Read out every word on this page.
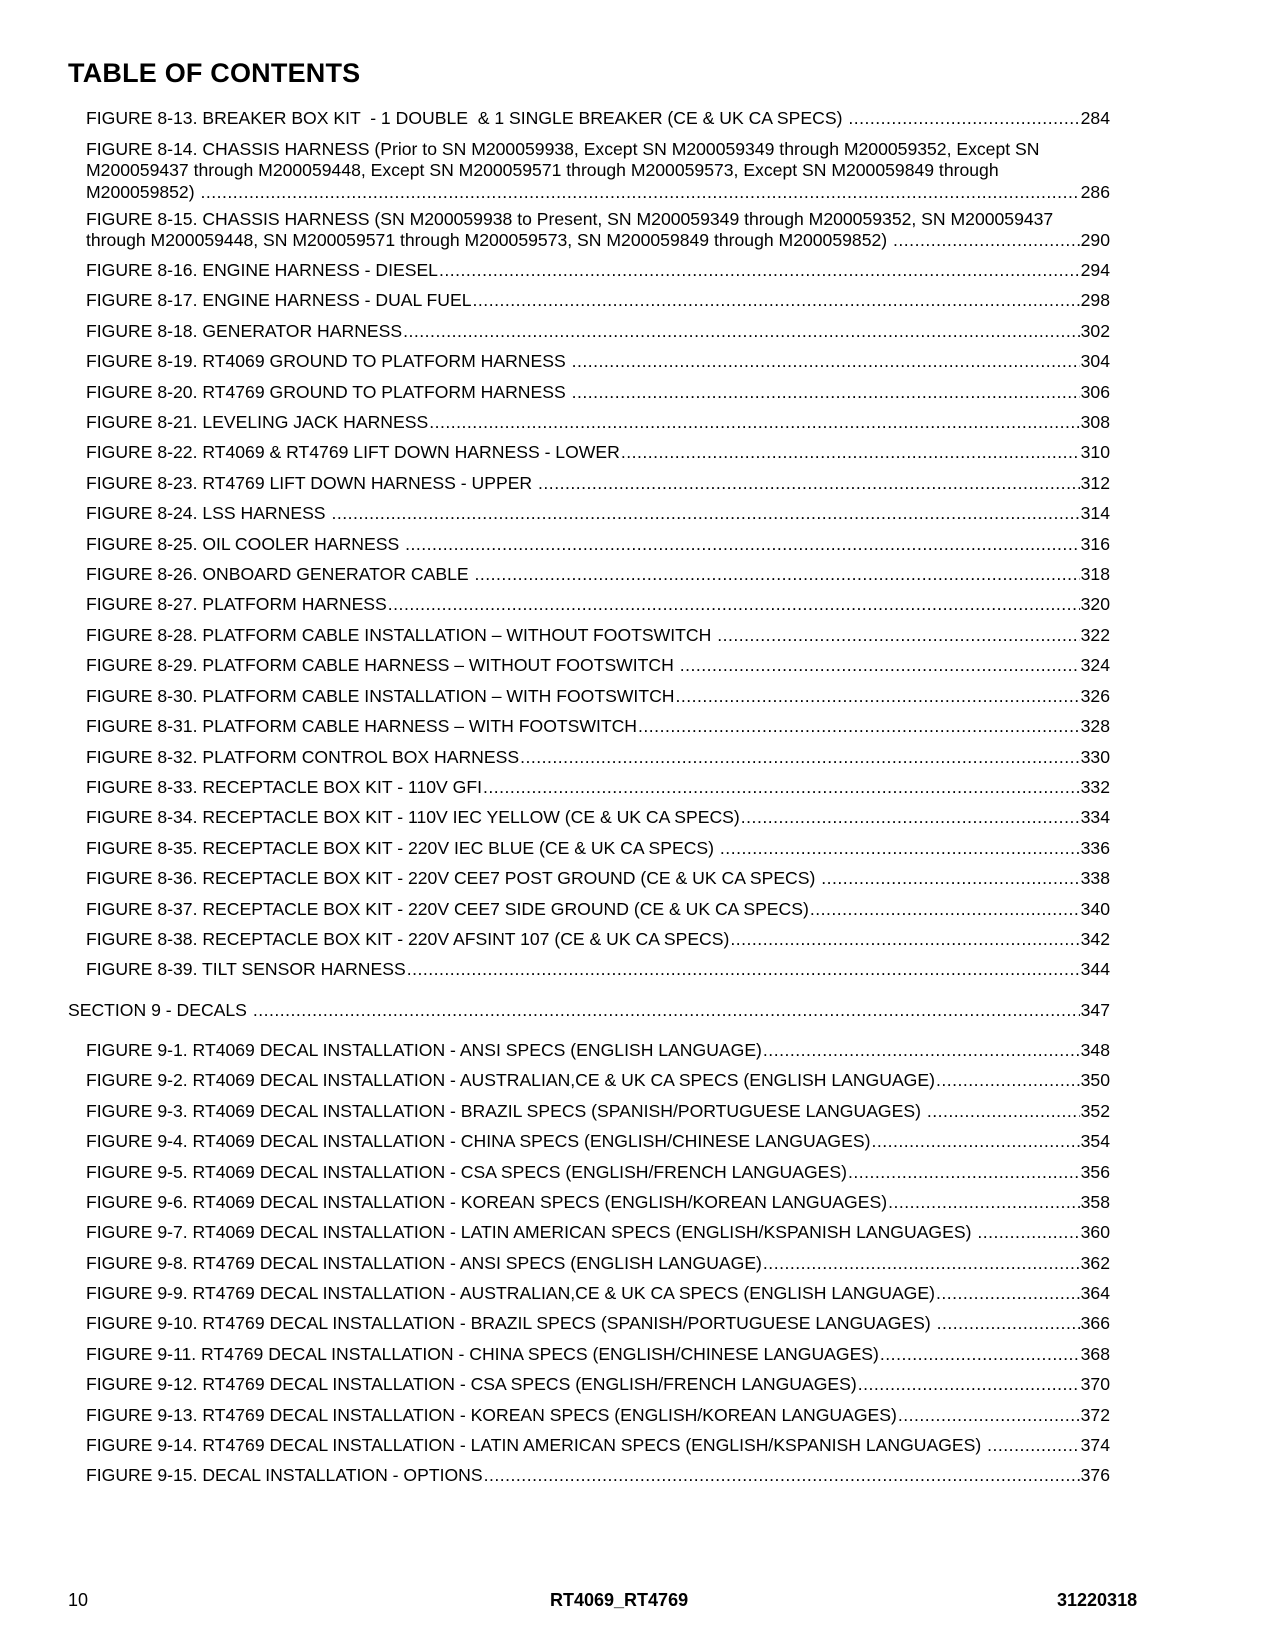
TABLE OF CONTENTS
FIGURE 8-13. BREAKER BOX KIT  - 1 DOUBLE  & 1 SINGLE BREAKER (CE & UK CA SPECS) .....	284
FIGURE 8-14. CHASSIS HARNESS (Prior to SN M200059938, Except SN M200059349 through M200059352, Except SN
M200059437 through M200059448, Except SN M200059571 through M200059573, Except SN M200059849 through
M200059852) .....	286
FIGURE 8-15. CHASSIS HARNESS (SN M200059938 to Present, SN M200059349 through M200059352, SN M200059437
through M200059448, SN M200059571 through M200059573, SN M200059849 through M200059852) .....	290
FIGURE 8-16. ENGINE HARNESS - DIESEL .....	294
FIGURE 8-17. ENGINE HARNESS - DUAL FUEL .....	298
FIGURE 8-18. GENERATOR HARNESS .....	302
FIGURE 8-19. RT4069 GROUND TO PLATFORM HARNESS .....	304
FIGURE 8-20. RT4769 GROUND TO PLATFORM HARNESS .....	306
FIGURE 8-21. LEVELING JACK HARNESS .....	308
FIGURE 8-22. RT4069 & RT4769 LIFT DOWN HARNESS - LOWER .....	310
FIGURE 8-23. RT4769 LIFT DOWN HARNESS - UPPER .....	312
FIGURE 8-24. LSS HARNESS .....	314
FIGURE 8-25. OIL COOLER HARNESS .....	316
FIGURE 8-26. ONBOARD GENERATOR CABLE .....	318
FIGURE 8-27. PLATFORM HARNESS .....	320
FIGURE 8-28. PLATFORM CABLE INSTALLATION – WITHOUT FOOTSWITCH .....	322
FIGURE 8-29. PLATFORM CABLE HARNESS – WITHOUT FOOTSWITCH .....	324
FIGURE 8-30. PLATFORM CABLE INSTALLATION – WITH FOOTSWITCH .....	326
FIGURE 8-31. PLATFORM CABLE HARNESS – WITH FOOTSWITCH .....	328
FIGURE 8-32. PLATFORM CONTROL BOX HARNESS .....	330
FIGURE 8-33. RECEPTACLE BOX KIT - 110V GFI .....	332
FIGURE 8-34. RECEPTACLE BOX KIT - 110V IEC YELLOW (CE & UK CA SPECS) .....	334
FIGURE 8-35. RECEPTACLE BOX KIT - 220V IEC BLUE (CE & UK CA SPECS) .....	336
FIGURE 8-36. RECEPTACLE BOX KIT - 220V CEE7 POST GROUND (CE & UK CA SPECS) .....	338
FIGURE 8-37. RECEPTACLE BOX KIT - 220V CEE7 SIDE GROUND (CE & UK CA SPECS) .....	340
FIGURE 8-38. RECEPTACLE BOX KIT - 220V AFSINT 107 (CE & UK CA SPECS) .....	342
FIGURE 8-39. TILT SENSOR HARNESS .....	344
SECTION 9 - DECALS .....	347
FIGURE 9-1. RT4069 DECAL INSTALLATION - ANSI SPECS (ENGLISH LANGUAGE) .....	348
FIGURE 9-2. RT4069 DECAL INSTALLATION - AUSTRALIAN,CE & UK CA SPECS (ENGLISH LANGUAGE) .....	350
FIGURE 9-3. RT4069 DECAL INSTALLATION - BRAZIL SPECS (SPANISH/PORTUGUESE LANGUAGES) .....	352
FIGURE 9-4. RT4069 DECAL INSTALLATION - CHINA SPECS (ENGLISH/CHINESE LANGUAGES) .....	354
FIGURE 9-5. RT4069 DECAL INSTALLATION - CSA SPECS (ENGLISH/FRENCH LANGUAGES) .....	356
FIGURE 9-6. RT4069 DECAL INSTALLATION - KOREAN SPECS (ENGLISH/KOREAN LANGUAGES) .....	358
FIGURE 9-7. RT4069 DECAL INSTALLATION - LATIN AMERICAN SPECS (ENGLISH/KSPANISH LANGUAGES) .....	360
FIGURE 9-8. RT4769 DECAL INSTALLATION - ANSI SPECS (ENGLISH LANGUAGE) .....	362
FIGURE 9-9. RT4769 DECAL INSTALLATION - AUSTRALIAN,CE & UK CA SPECS (ENGLISH LANGUAGE) .....	364
FIGURE 9-10. RT4769 DECAL INSTALLATION - BRAZIL SPECS (SPANISH/PORTUGUESE LANGUAGES) .....	366
FIGURE 9-11. RT4769 DECAL INSTALLATION - CHINA SPECS (ENGLISH/CHINESE LANGUAGES) .....	368
FIGURE 9-12. RT4769 DECAL INSTALLATION - CSA SPECS (ENGLISH/FRENCH LANGUAGES) .....	370
FIGURE 9-13. RT4769 DECAL INSTALLATION - KOREAN SPECS (ENGLISH/KOREAN LANGUAGES) .....	372
FIGURE 9-14. RT4769 DECAL INSTALLATION - LATIN AMERICAN SPECS (ENGLISH/KSPANISH LANGUAGES) .....	374
FIGURE 9-15. DECAL INSTALLATION - OPTIONS .....	376
10	RT4069_RT4769	31220318
